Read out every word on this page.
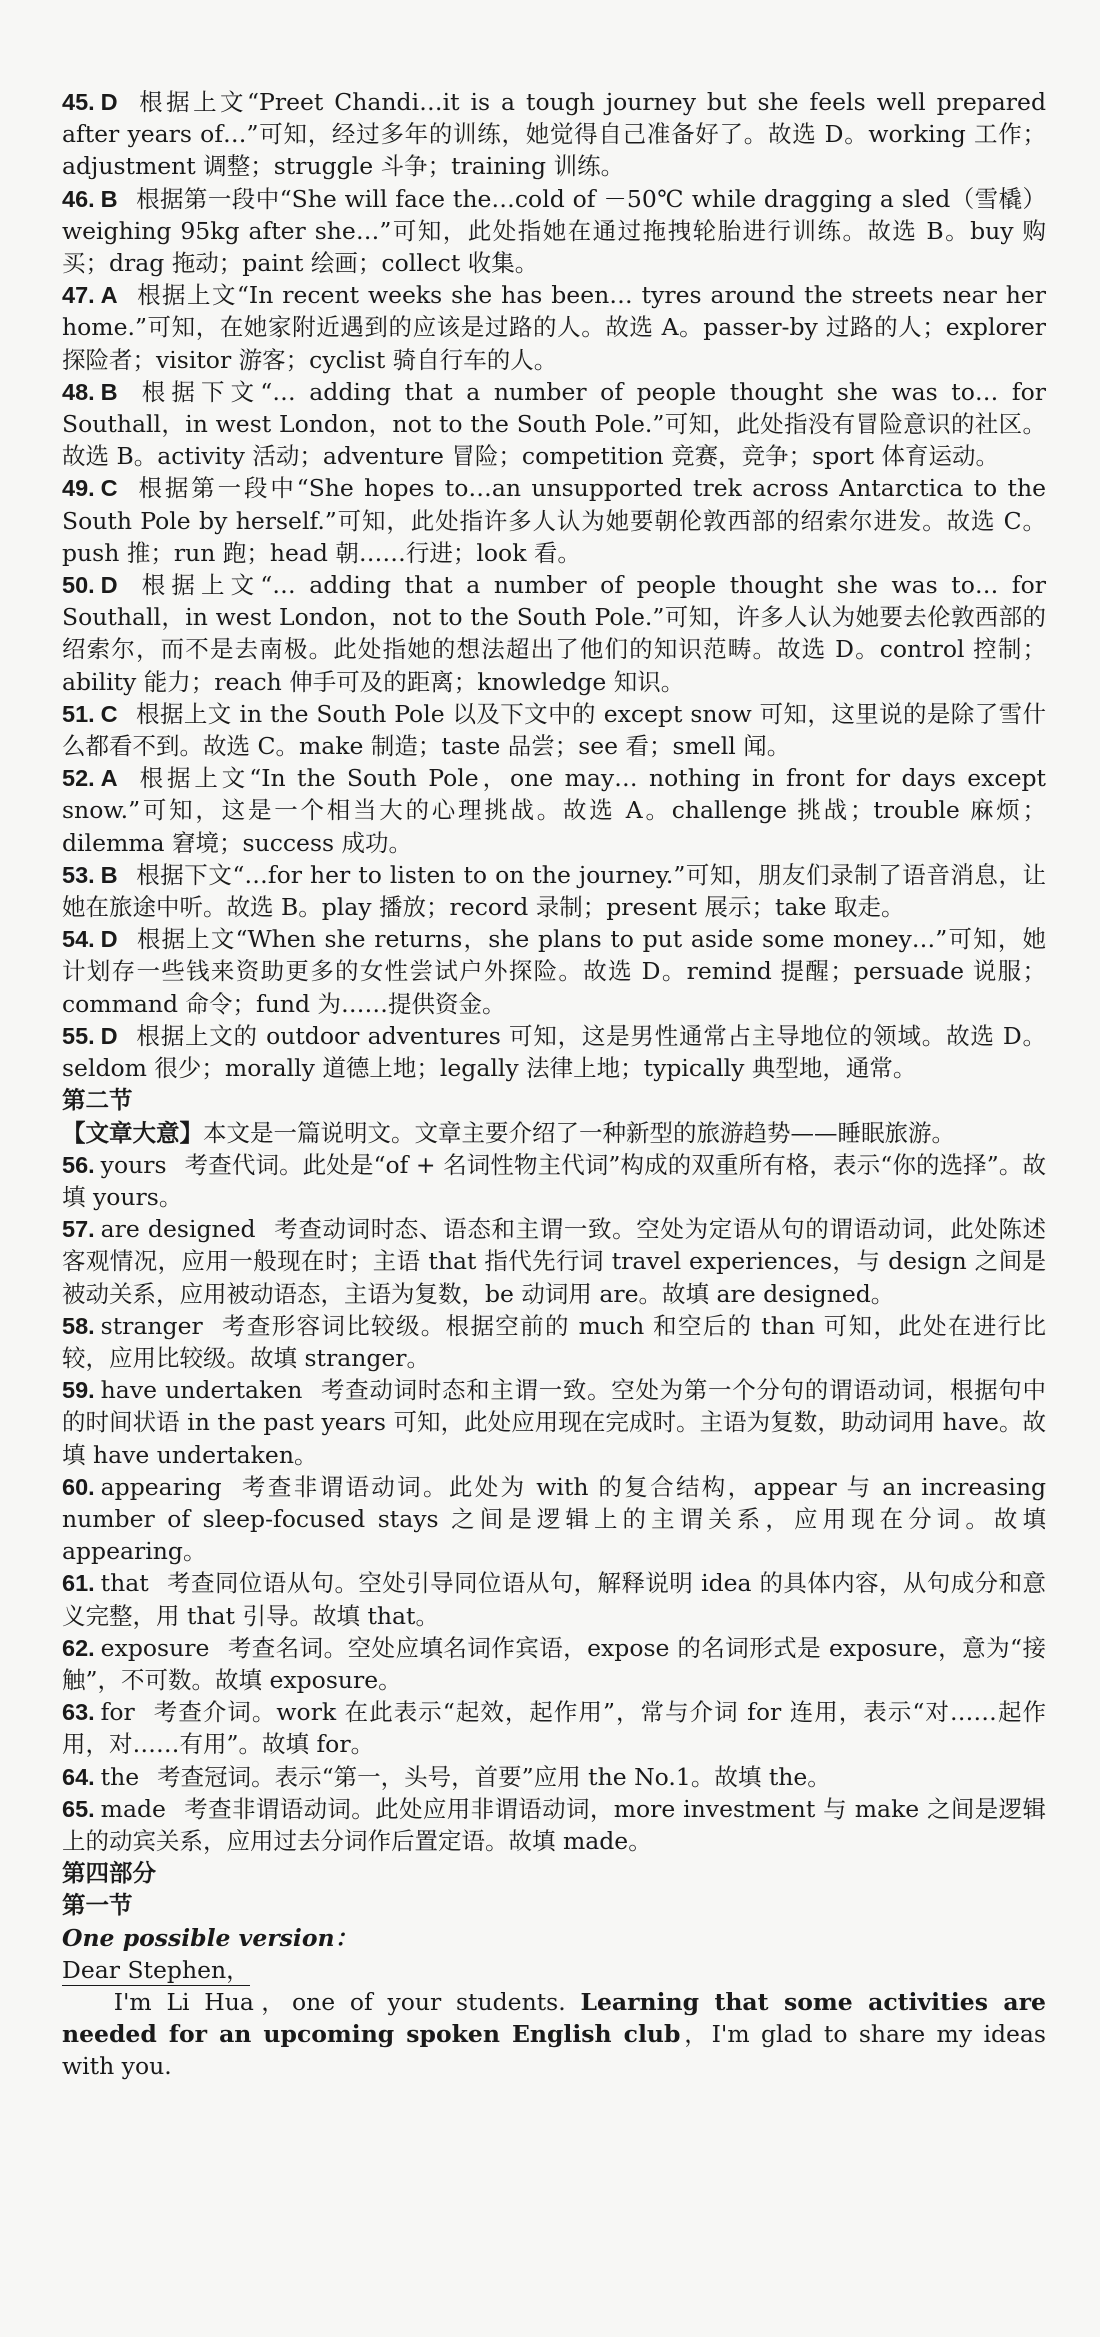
45. D 根据上文“Preet Chandi…it is a tough journey but she feels well prepared after years of…”可知，经过多年的训练，她觉得自己准备好了。故选 D。working 工作；adjustment 调整；struggle 斗争；training 训练。

46. B 根据第一段中“She will face the…cold of －50℃ while dragging a sled（雪橇）weighing 95kg after she…”可知，此处指她在通过拖拽轮胎进行训练。故选 B。buy 购买；drag 拖动；paint 绘画；collect 收集。

47. A 根据上文“In recent weeks she has been… tyres around the streets near her home.”可知，在她家附近遇到的应该是过路的人。故选 A。passer-by 过路的人；explorer 探险者；visitor 游客；cyclist 骑自行车的人。

48. B 根据下文“… adding that a number of people thought she was to… for Southall，in west London，not to the South Pole.”可知，此处指没有冒险意识的社区。故选 B。activity 活动；adventure 冒险；competition 竞赛，竞争；sport 体育运动。

49. C 根据第一段中“She hopes to…an unsupported trek across Antarctica to the South Pole by herself.”可知，此处指许多人认为她要朝伦敦西部的绍索尔进发。故选 C。push 推；run 跑；head 朝……行进；look 看。

50. D 根据上文“… adding that a number of people thought she was to… for Southall，in west London，not to the South Pole.”可知，许多人认为她要去伦敦西部的绍索尔，而不是去南极。此处指她的想法超出了他们的知识范畴。故选 D。control 控制；ability 能力；reach 伸手可及的距离；knowledge 知识。

51. C 根据上文 in the South Pole 以及下文中的 except snow 可知，这里说的是除了雪什么都看不到。故选 C。make 制造；taste 品尝；see 看；smell 闻。

52. A 根据上文“In the South Pole，one may… nothing in front for days except snow.”可知，这是一个相当大的心理挑战。故选 A。challenge 挑战；trouble 麻烦；dilemma 窘境；success 成功。

53. B 根据下文“…for her to listen to on the journey.”可知，朋友们录制了语音消息，让她在旅途中听。故选 B。play 播放；record 录制；present 展示；take 取走。

54. D 根据上文“When she returns，she plans to put aside some money…”可知，她计划存一些钱来资助更多的女性尝试户外探险。故选 D。remind 提醒；persuade 说服；command 命令；fund 为……提供资金。

55. D 根据上文的 outdoor adventures 可知，这是男性通常占主导地位的领域。故选 D。seldom 很少；morally 道德上地；legally 法律上地；typically 典型地，通常。

第二节

【文章大意】本文是一篇说明文。文章主要介绍了一种新型的旅游趋势——睡眠旅游。

56. yours 考查代词。此处是“of + 名词性物主代词”构成的双重所有格，表示“你的选择”。故填 yours。

57. are designed 考查动词时态、语态和主谓一致。空处为定语从句的谓语动词，此处陈述客观情况，应用一般现在时；主语 that 指代先行词 travel experiences，与 design 之间是被动关系，应用被动语态，主语为复数，be 动词用 are。故填 are designed。

58. stranger 考查形容词比较级。根据空前的 much 和空后的 than 可知，此处在进行比较，应用比较级。故填 stranger。

59. have undertaken 考查动词时态和主谓一致。空处为第一个分句的谓语动词，根据句中的时间状语 in the past years 可知，此处应用现在完成时。主语为复数，助动词用 have。故填 have undertaken。

60. appearing 考查非谓语动词。此处为 with 的复合结构，appear 与 an increasing number of sleep-focused stays 之间是逻辑上的主谓关系，应用现在分词。故填 appearing。

61. that 考查同位语从句。空处引导同位语从句，解释说明 idea 的具体内容，从句成分和意义完整，用 that 引导。故填 that。

62. exposure 考查名词。空处应填名词作宾语，expose 的名词形式是 exposure，意为“接触”，不可数。故填 exposure。

63. for 考查介词。work 在此表示“起效，起作用”，常与介词 for 连用，表示“对……起作用，对……有用”。故填 for。

64. the 考查冠词。表示“第一，头号，首要”应用 the No.1。故填 the。

65. made 考查非谓语动词。此处应用非谓语动词，more investment 与 make 之间是逻辑上的动宾关系，应用过去分词作后置定语。故填 made。

第四部分

第一节

One possible version：

Dear Stephen，

I'm Li Hua，one of your students. Learning that some activities are needed for an upcoming spoken English club，I'm glad to share my ideas with you.
